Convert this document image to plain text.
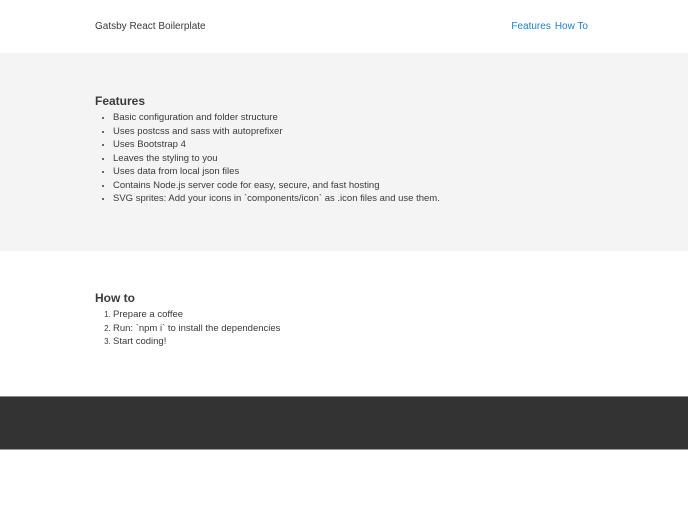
Gatsby React Boilerplate	Features How To
Features
• Basic configuration and folder structure
• Uses postcss and sass with autoprefixer
• Uses Bootstrap 4
• Leaves the styling to you
• Uses data from local json files
• Contains Node.js server code for easy, secure, and fast hosting
• SVG sprites: Add your icons in `components/icon` as .icon files and use them.
How to
1. Prepare a coffee
2. Run: `npm i` to install the dependencies
3. Start coding!
